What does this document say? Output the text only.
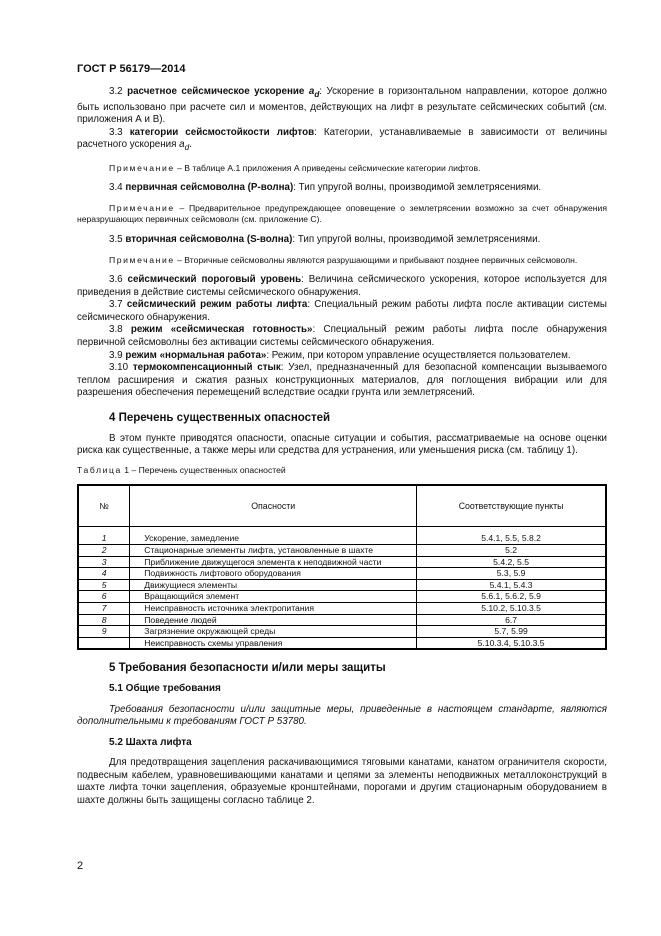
ГОСТ Р 56179—2014

3.2 расчетное сейсмическое ускорение $a_d$: Ускорение в горизонтальном направлении, которое должно быть использовано при расчете сил и моментов, действующих на лифт в результате сейсмических событий (см. приложения А и В).

3.3 категории сейсмостойкости лифтов: Категории, устанавливаемые в зависимости от величины расчетного ускорения $a_d$.

Примечание – В таблице А.1 приложения А приведены сейсмические категории лифтов.

3.4 первичная сейсмоволна (Р-волна): Тип упругой волны, производимой землетрясениями.

Примечание – Предварительное предупреждающее оповещение о землетрясении возможно за счет обнаружения неразрушающих первичных сейсмоволн (см. приложение С).

3.5 вторичная сейсмоволна (S-волна): Тип упругой волны, производимой землетрясениями.

Примечание – Вторичные сейсмоволны являются разрушающими и прибывают позднее первичных сейсмоволн.

3.6 сейсмический пороговый уровень: Величина сейсмического ускорения, которое используется для приведения в действие системы сейсмического обнаружения.

3.7 сейсмический режим работы лифта: Специальный режим работы лифта после активации системы сейсмического обнаружения.

3.8 режим «сейсмическая готовность»: Специальный режим работы лифта после обнаружения первичной сейсмоволны без активации системы сейсмического обнаружения.

3.9 режим «нормальная работа»: Режим, при котором управление осуществляется пользователем.

3.10 термокомпенсационный стык: Узел, предназначенный для безопасной компенсации вызываемого теплом расширения и сжатия разных конструкционных материалов, для поглощения вибрации или для разрешения обеспечения перемещений вследствие осадки грунта или землетрясений.

4 Перечень существенных опасностей

В этом пункте приводятся опасности, опасные ситуации и события, рассматриваемые на основе оценки риска как существенные, а также меры или средства для устранения, или уменьшения риска (см. таблицу 1).

Таблица 1 – Перечень существенных опасностей
№	Опасности	Соответствующие пункты

1	Ускорение, замедление	5.4.1, 5.5, 5.8.2
2	Стационарные элементы лифта, установленные в шахте	5.2
3	Приближение движущегося элемента к неподвижной части	5.4.2, 5.5
4	Подвижность лифтового оборудования	5.3, 5.9
5	Движущиеся элементы	5.4.1, 5.4.3
6	Вращающийся элемент	5.6.1, 5.6.2, 5.9
7	Неисправность источника электропитания	5.10.2, 5.10.3.5
8	Поведение людей	6.7
9	Загрязнение окружающей среды	5.7, 5.99
	Неисправность схемы управления	5.10.3.4, 5.10.3.5
5 Требования безопасности и/или меры защиты
5.1 Общие требования

Требования безопасности и/или защитные меры, приведенные в настоящем стандарте, являются дополнительными к требованиям ГОСТ Р 53780.

5.2 Шахта лифта

Для предотвращения зацепления раскачивающимися тяговыми канатами, канатом ограничителя скорости, подвесным кабелем, уравновешивающими канатами и цепями за элементы неподвижных металлоконструкций в шахте лифта точки зацепления, образуемые кронштейнами, порогами и другим стационарным оборудованием в шахте должны быть защищены согласно таблице 2.

2
